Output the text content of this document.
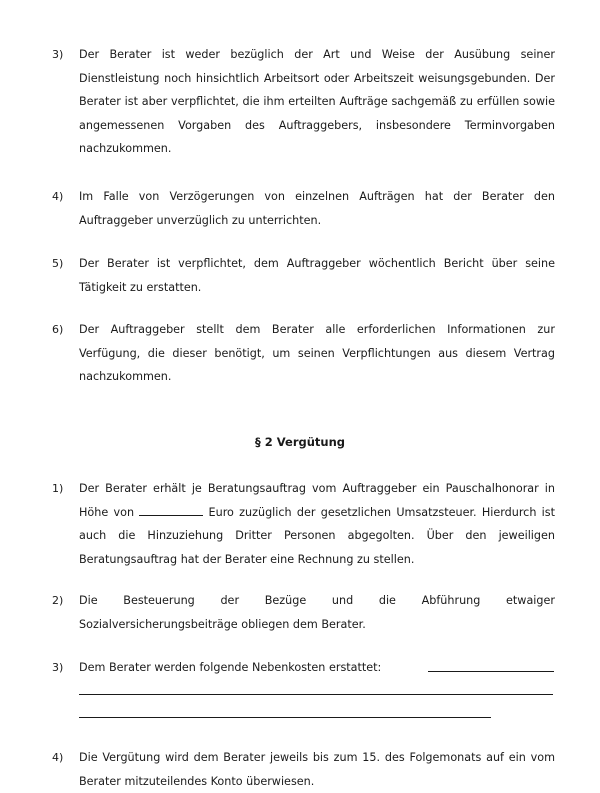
3) Der Berater ist weder bezüglich der Art und Weise der Ausübung seiner Dienstleistung noch hinsichtlich Arbeitsort oder Arbeitszeit weisungsgebunden. Der Berater ist aber verpflichtet, die ihm erteilten Aufträge sachgemäß zu erfüllen sowie angemessenen Vorgaben des Auftraggebers, insbesondere Terminvorgaben nachzukommen.
4) Im Falle von Verzögerungen von einzelnen Aufträgen hat der Berater den Auftraggeber unverzüglich zu unterrichten.
5) Der Berater ist verpflichtet, dem Auftraggeber wöchentlich Bericht über seine Tätigkeit zu erstatten.
6) Der Auftraggeber stellt dem Berater alle erforderlichen Informationen zur Verfügung, die dieser benötigt, um seinen Verpflichtungen aus diesem Vertrag nachzukommen.
§ 2 Vergütung
1) Der Berater erhält je Beratungsauftrag vom Auftraggeber ein Pauschalhonorar in Höhe von	Euro zuzüglich der gesetzlichen Umsatzsteuer. Hierdurch ist auch die Hinzuziehung Dritter Personen abgegolten. Über den jeweiligen Beratungsauftrag hat der Berater eine Rechnung zu stellen.
2) Die Besteuerung der Bezüge und die Abführung etwaiger Sozialversicherungsbeiträge obliegen dem Berater.
3) Dem Berater werden folgende Nebenkosten erstattet:
4) Die Vergütung wird dem Berater jeweils bis zum 15. des Folgemonats auf ein vom Berater mitzuteilendes Konto überwiesen.
